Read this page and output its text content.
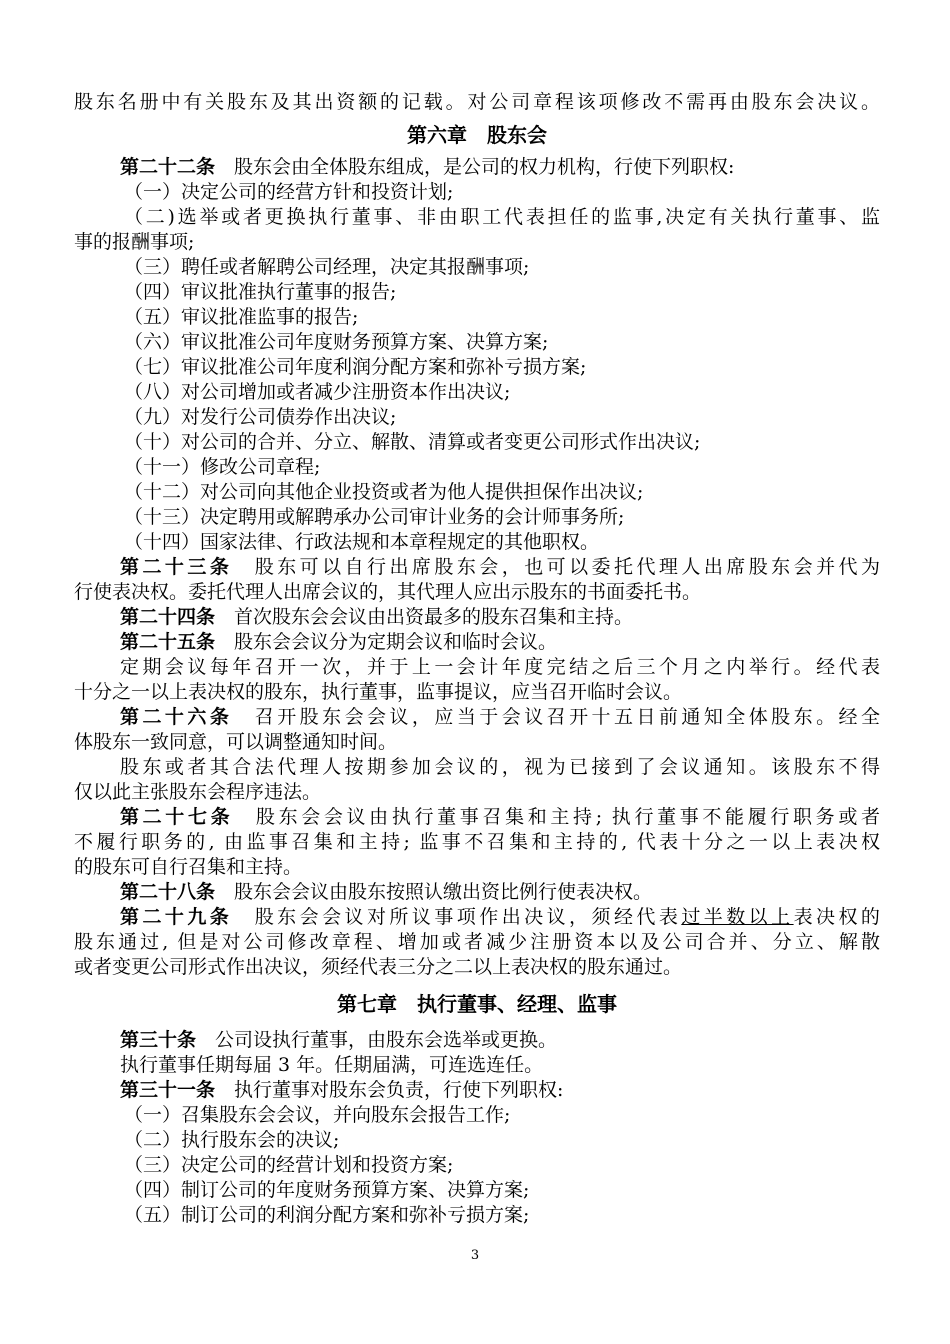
股东名册中有关股东及其出资额的记载。对公司章程该项修改不需再由股东会决议。
第六章　股东会
第二十二条　 股东会由全体股东组成，是公司的权力机构，行使下列职权:
（一）决定公司的经营方针和投资计划;
（二)选举或者更换执行董事、非由职工代表担任的监事,决定有关执行董事、监
事的报酬事项;
（三）聘任或者解聘公司经理，决定其报酬事项;
（四）审议批准执行董事的报告;
（五）审议批准监事的报告;
（六）审议批准公司年度财务预算方案、决算方案;
（七）审议批准公司年度利润分配方案和弥补亏损方案;
（八）对公司增加或者减少注册资本作出决议;
（九）对发行公司债券作出决议;
（十）对公司的合并、分立、解散、清算或者变更公司形式作出决议;
（十一）修改公司章程;
（十二）对公司向其他企业投资或者为他人提供担保作出决议;
（十三）决定聘用或解聘承办公司审计业务的会计师事务所;
（十四）国家法律、行政法规和本章程规定的其他职权。
第二十三条　 股东可以自行出席股东会，也可以委托代理人出席股东会并代为
行使表决权。委托代理人出席会议的，其代理人应出示股东的书面委托书。
第二十四条　 首次股东会会议由出资最多的股东召集和主持。
第二十五条　 股东会会议分为定期会议和临时会议。
定期会议每年召开一次，并于上一会计年度完结之后三个月之内举行。经代表
十分之一以上表决权的股东，执行董事，监事提议，应当召开临时会议。
第二十六条　 召开股东会会议，应当于会议召开十五日前通知全体股东。经全
体股东一致同意，可以调整通知时间。
股东或者其合法代理人按期参加会议的，视为已接到了会议通知。该股东不得
仅以此主张股东会程序违法。
第二十七条　 股东会会议由执行董事召集和主持; 执行董事不能履行职务或者
不履行职务的, 由监事召集和主持; 监事不召集和主持的, 代表十分之一以上表决权
的股东可自行召集和主持。
第二十八条　 股东会会议由股东按照认缴出资比例行使表决权。
第二十九条　 股东会会议对所议事项作出决议，须经代表过半数以上表决权的
股东通过, 但是对公司修改章程、增加或者减少注册资本以及公司合并、分立、解散
或者变更公司形式作出决议，须经代表三分之二以上表决权的股东通过。
第七章　执行董事、经理、监事
第三十条　 公司设执行董事，由股东会选举或更换。
执行董事任期每届 3 年。任期届满，可连选连任。
第三十一条　 执行董事对股东会负责，行使下列职权:
（一）召集股东会会议，并向股东会报告工作;
（二）执行股东会的决议;
（三）决定公司的经营计划和投资方案;
（四）制订公司的年度财务预算方案、决算方案;
（五）制订公司的利润分配方案和弥补亏损方案;
3
